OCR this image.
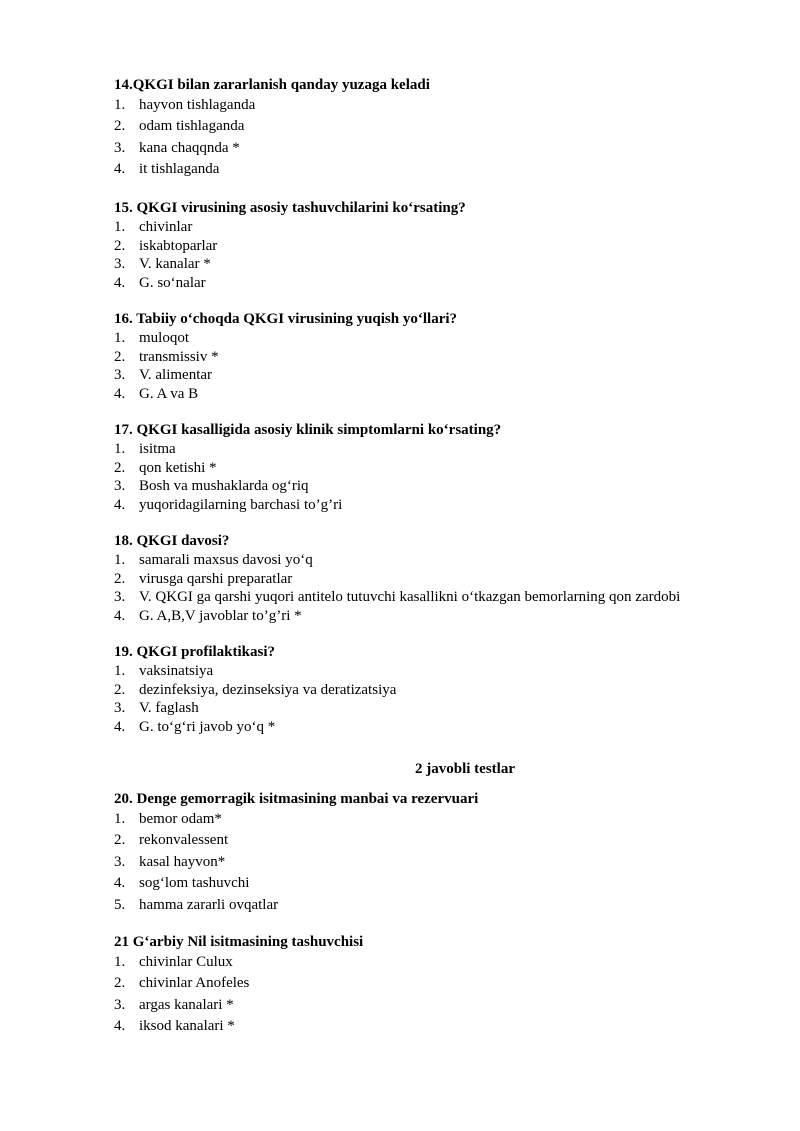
14.QKGI bilan zararlanish qanday yuzaga keladi
1. hayvon tishlaganda
2. odam tishlaganda
3. kana chaqqnda *
4. it tishlaganda
15. QKGI virusining asosiy tashuvchilarini ko‘rsating?
1. chivinlar
2. iskabtoparlar
3. V. kanalar *
4. G. so‘nalar
16. Tabiiy o‘choqda QKGI virusining yuqish yo‘llari?
1. muloqot
2. transmissiv *
3. V. alimentar
4. G. A va B
17. QKGI kasalligida asosiy klinik simptomlarni ko‘rsating?
1. isitma
2. qon ketishi *
3. Bosh va mushaklarda og‘riq
4. yuqoridagilarning barchasi to’g’ri
18. QKGI davosi?
1. samarali maxsus davosi yo‘q
2. virusga qarshi preparatlar
3. V. QKGI ga qarshi yuqori antitelo tutuvchi kasallikni o‘tkazgan bemorlarning qon zardobi
4. G. A,B,V javoblar to’g’ri *
19. QKGI profilaktikasi?
1. vaksinatsiya
2. dezinfeksiya, dezinseksiya va deratizatsiya
3. V. faglash
4. G. to‘g‘ri javob yo‘q *
2 javobli testlar
20. Denge gemorragik isitmasining manbai va rezervuari
1. bemor odam*
2. rekonvalessent
3. kasal hayvon*
4. sog‘lom tashuvchi
5. hamma zararli ovqatlar
21 G‘arbiy Nil isitmasining tashuvchisi
1. chivinlar Culux
2. chivinlar Anofeles
3. argas kanalari *
4. iksod kanalari *
